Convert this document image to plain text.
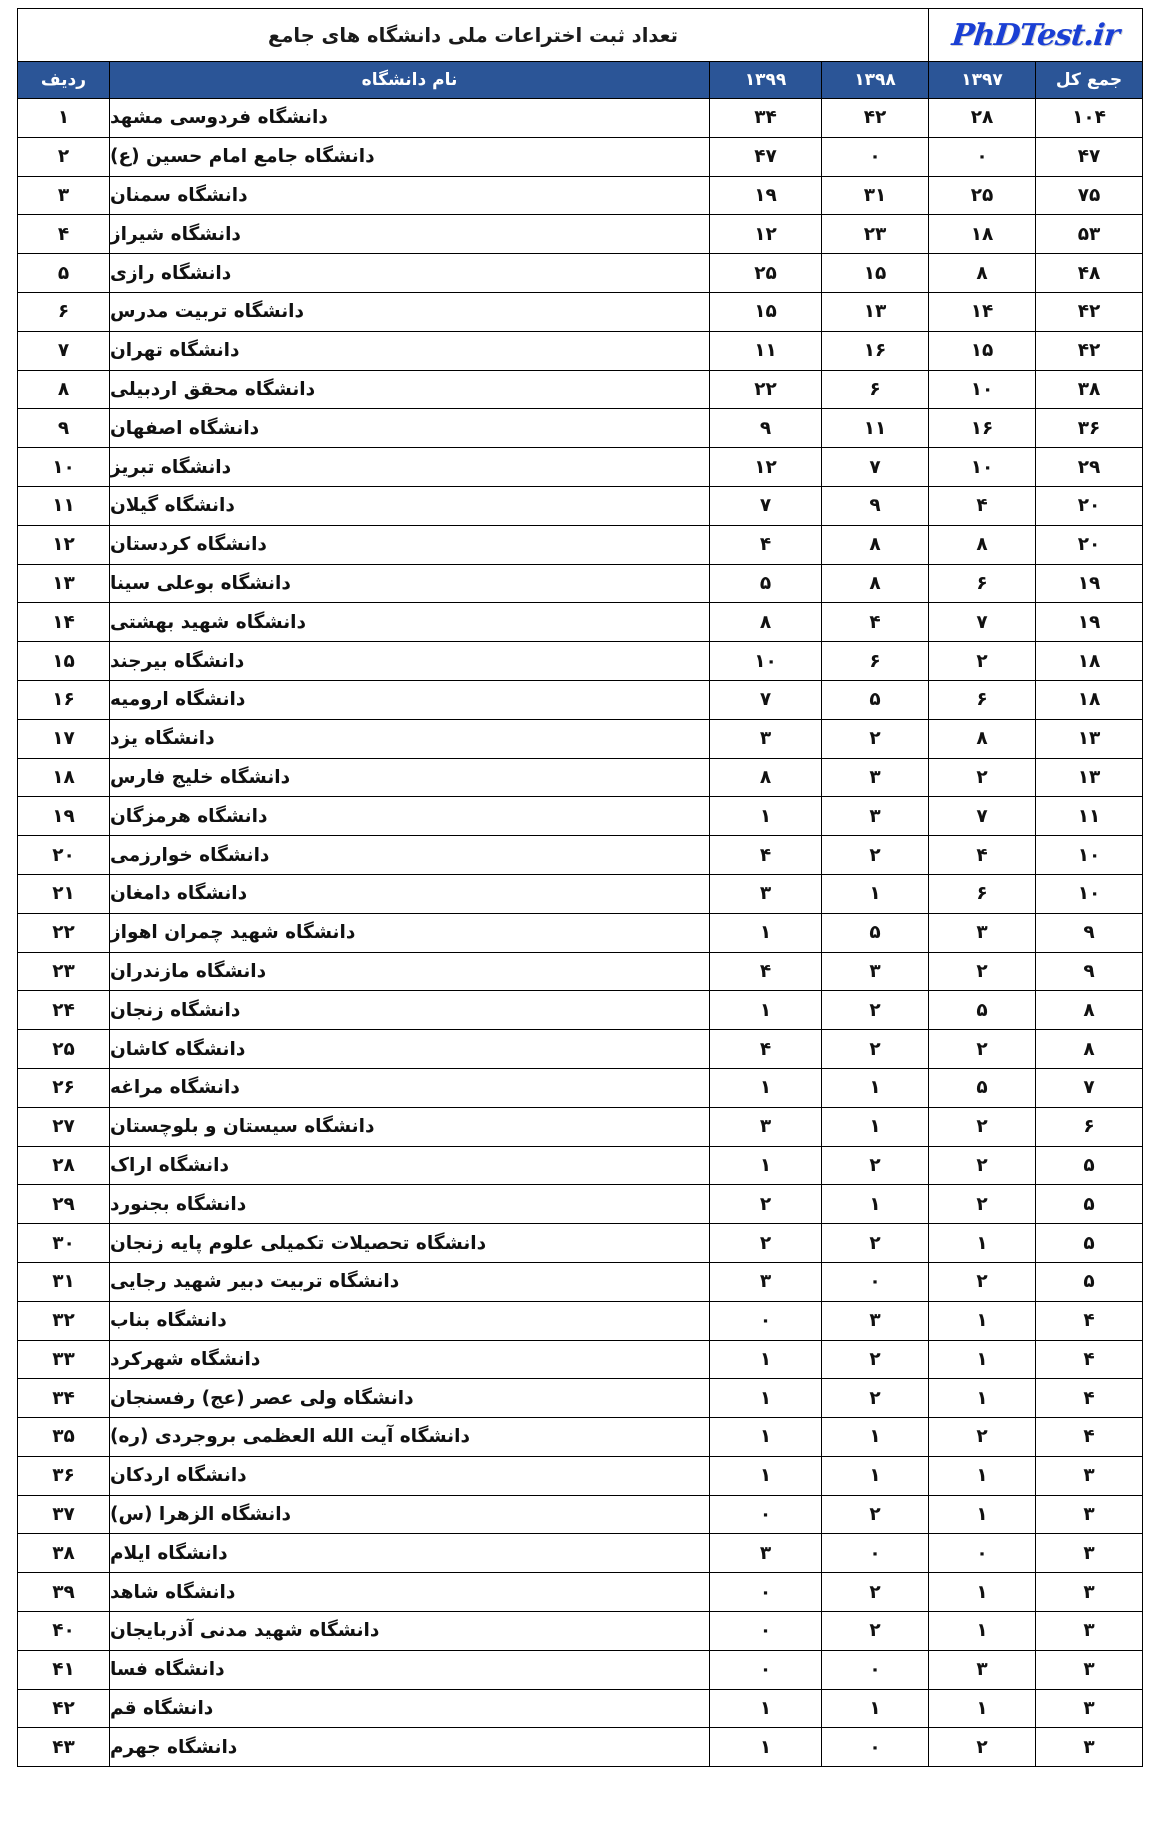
PhDTest.ir		تعداد ثبت اختراعات ملی دانشگاه های جامع			
جمع کل	۱۳۹۷	۱۳۹۸	۱۳۹۹	نام دانشگاه	ردیف
۱۰۴	۲۸	۴۲	۳۴	دانشگاه فردوسی مشهد	۱
۴۷	۰	۰	۴۷	دانشگاه جامع امام حسین (ع)	۲
۷۵	۲۵	۳۱	۱۹	دانشگاه سمنان	۳
۵۳	۱۸	۲۳	۱۲	دانشگاه شیراز	۴
۴۸	۸	۱۵	۲۵	دانشگاه رازی	۵
۴۲	۱۴	۱۳	۱۵	دانشگاه تربیت مدرس	۶
۴۲	۱۵	۱۶	۱۱	دانشگاه تهران	۷
۳۸	۱۰	۶	۲۲	دانشگاه محقق اردبیلی	۸
۳۶	۱۶	۱۱	۹	دانشگاه اصفهان	۹
۲۹	۱۰	۷	۱۲	دانشگاه تبریز	۱۰
۲۰	۴	۹	۷	دانشگاه گیلان	۱۱
۲۰	۸	۸	۴	دانشگاه کردستان	۱۲
۱۹	۶	۸	۵	دانشگاه بوعلی سینا	۱۳
۱۹	۷	۴	۸	دانشگاه شهید بهشتی	۱۴
۱۸	۲	۶	۱۰	دانشگاه بیرجند	۱۵
۱۸	۶	۵	۷	دانشگاه ارومیه	۱۶
۱۳	۸	۲	۳	دانشگاه یزد	۱۷
۱۳	۲	۳	۸	دانشگاه خلیج فارس	۱۸
۱۱	۷	۳	۱	دانشگاه هرمزگان	۱۹
۱۰	۴	۲	۴	دانشگاه خوارزمی	۲۰
۱۰	۶	۱	۳	دانشگاه دامغان	۲۱
۹	۳	۵	۱	دانشگاه شهید چمران اهواز	۲۲
۹	۲	۳	۴	دانشگاه مازندران	۲۳
۸	۵	۲	۱	دانشگاه زنجان	۲۴
۸	۲	۲	۴	دانشگاه کاشان	۲۵
۷	۵	۱	۱	دانشگاه مراغه	۲۶
۶	۲	۱	۳	دانشگاه سیستان و بلوچستان	۲۷
۵	۲	۲	۱	دانشگاه اراک	۲۸
۵	۲	۱	۲	دانشگاه بجنورد	۲۹
۵	۱	۲	۲	دانشگاه تحصیلات تکمیلی علوم پایه زنجان	۳۰
۵	۲	۰	۳	دانشگاه تربیت دبیر شهید رجایی	۳۱
۴	۱	۳	۰	دانشگاه بناب	۳۲
۴	۱	۲	۱	دانشگاه شهرکرد	۳۳
۴	۱	۲	۱	دانشگاه ولی عصر (عج) رفسنجان	۳۴
۴	۲	۱	۱	دانشگاه آیت الله العظمی بروجردی (ره)	۳۵
۳	۱	۱	۱	دانشگاه اردکان	۳۶
۳	۱	۲	۰	دانشگاه الزهرا (س)	۳۷
۳	۰	۰	۳	دانشگاه ایلام	۳۸
۳	۱	۲	۰	دانشگاه شاهد	۳۹
۳	۱	۲	۰	دانشگاه شهید مدنی آذربایجان	۴۰
۳	۳	۰	۰	دانشگاه فسا	۴۱
۳	۱	۱	۱	دانشگاه قم	۴۲
۳	۲	۰	۱	دانشگاه جهرم	۴۳
